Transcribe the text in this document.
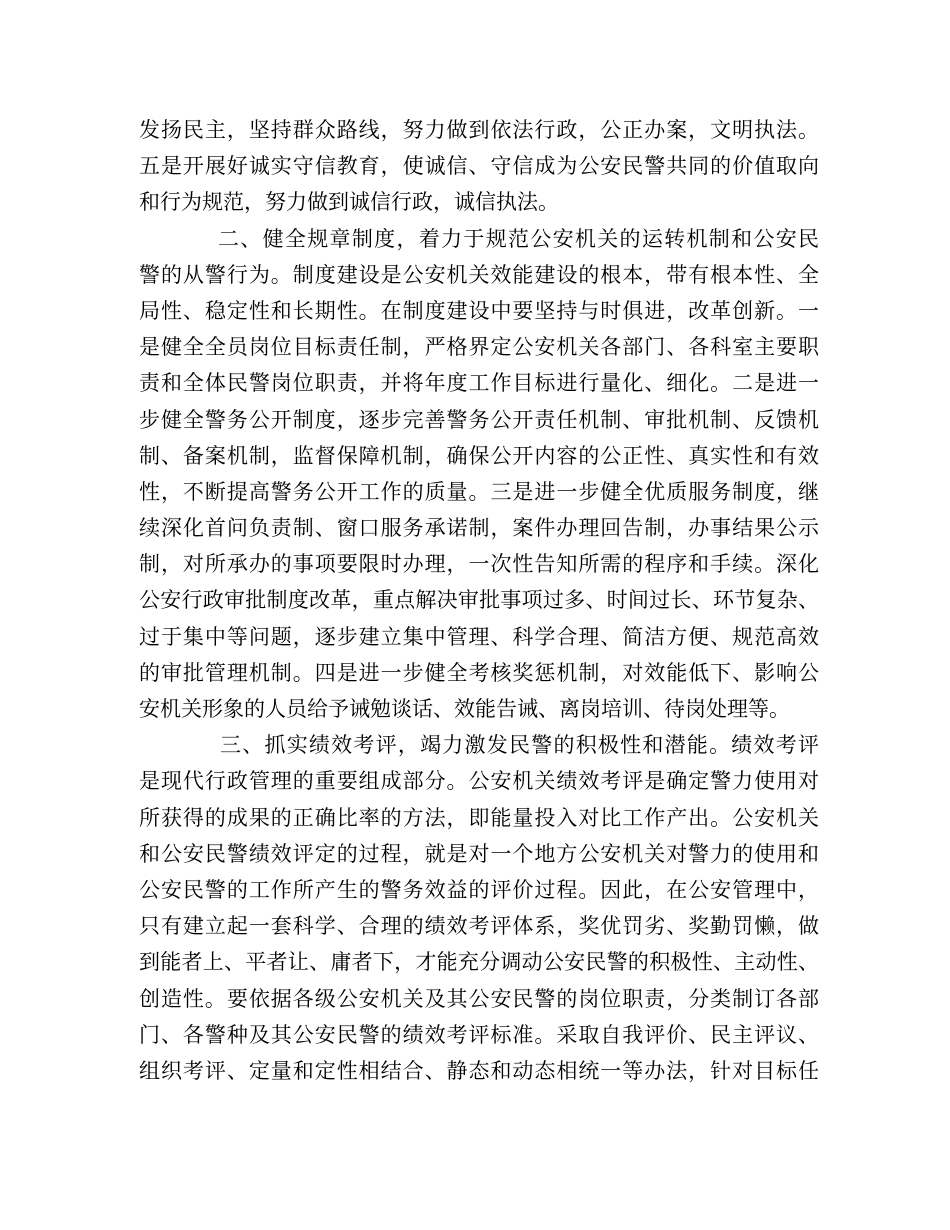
发扬民主，坚持群众路线，努力做到依法行政，公正办案，文明执法。
五是开展好诚实守信教育，使诚信、守信成为公安民警共同的价值取向
和行为规范，努力做到诚信行政，诚信执法。
二、健全规章制度，着力于规范公安机关的运转机制和公安民
警的从警行为。制度建设是公安机关效能建设的根本，带有根本性、全
局性、稳定性和长期性。在制度建设中要坚持与时俱进，改革创新。一
是健全全员岗位目标责任制，严格界定公安机关各部门、各科室主要职
责和全体民警岗位职责，并将年度工作目标进行量化、细化。二是进一
步健全警务公开制度，逐步完善警务公开责任机制、审批机制、反馈机
制、备案机制，监督保障机制，确保公开内容的公正性、真实性和有效
性，不断提高警务公开工作的质量。三是进一步健全优质服务制度，继
续深化首问负责制、窗口服务承诺制，案件办理回告制，办事结果公示
制，对所承办的事项要限时办理，一次性告知所需的程序和手续。深化
公安行政审批制度改革，重点解决审批事项过多、时间过长、环节复杂、
过于集中等问题，逐步建立集中管理、科学合理、简洁方便、规范高效
的审批管理机制。四是进一步健全考核奖惩机制，对效能低下、影响公
安机关形象的人员给予诫勉谈话、效能告诫、离岗培训、待岗处理等。
三、抓实绩效考评，竭力激发民警的积极性和潜能。绩效考评
是现代行政管理的重要组成部分。公安机关绩效考评是确定警力使用对
所获得的成果的正确比率的方法，即能量投入对比工作产出。公安机关
和公安民警绩效评定的过程，就是对一个地方公安机关对警力的使用和
公安民警的工作所产生的警务效益的评价过程。因此，在公安管理中，
只有建立起一套科学、合理的绩效考评体系，奖优罚劣、奖勤罚懒，做
到能者上、平者让、庸者下，才能充分调动公安民警的积极性、主动性、
创造性。要依据各级公安机关及其公安民警的岗位职责，分类制订各部
门、各警种及其公安民警的绩效考评标准。采取自我评价、民主评议、
组织考评、定量和定性相结合、静态和动态相统一等办法，针对目标任
